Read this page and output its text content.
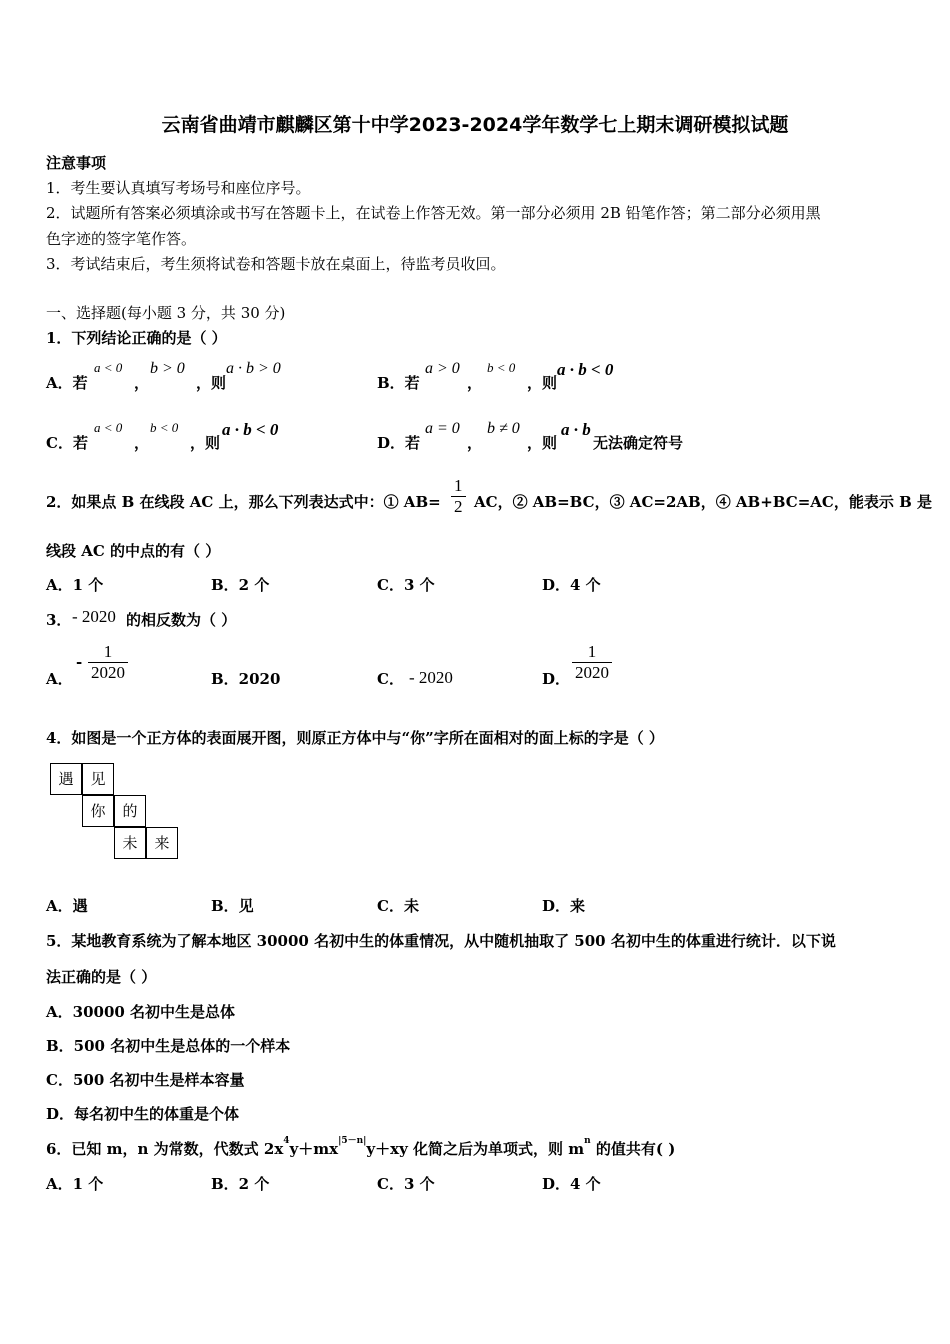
云南省曲靖市麒麟区第十中学2023-2024学年数学七上期末调研模拟试题
注意事项
1．考生要认真填写考场号和座位序号。
2．试题所有答案必须填涂或书写在答题卡上，在试卷上作答无效。第一部分必须用 2B 铅笔作答；第二部分必须用黑
色字迹的签字笔作答。
3．考试结束后，考生须将试卷和答题卡放在桌面上，待监考员收回。
一、选择题(每小题 3 分，共 30 分)
1．下列结论正确的是（ ）
A．若
a < 0
，
b > 0
，则
a · b > 0
B．若
a > 0
，
b < 0
，则
a · b < 0
C．若
a < 0
，
b < 0
，则
a · b < 0
D．若
a = 0
，
b ≠ 0
，则
a · b
无法确定符号
2．如果点 B 在线段 AC 上，那么下列表达式中：① $AB= \frac{1}{2}$ AC，② AB=BC，③ AC=2AB，④ AB+BC=AC，能表示 B 是
线段 AC 的中点的有（ ）
A．1 个	B．2 个	C．3 个	D．4 个
3． - 2020 的相反数为（ ）
A．
- $\frac{1}{2020}$	B．2020	C． - 2020	D． $\frac{1}{2020}$
4．如图是一个正方体的表面展开图，则原正方体中与“你”字所在面相对的面上标的字是（ ）
遇	见
你	的
未	来
A．遇	B．见	C．未	D．来
5．某地教育系统为了解本地区 30000 名初中生的体重情况，从中随机抽取了 500 名初中生的体重进行统计．以下说
法正确的是（ ）
A．30000 名初中生是总体
B．500 名初中生是总体的一个样本
C．500 名初中生是样本容量
D．每名初中生的体重是个体
6．已知 m，n 为常数，代数式 $2x^4y+mx^{|5-n|}y+xy$ 化简之后为单项式，则 $m^n$ 的值共有( )
A．1 个	B．2 个	C．3 个	D．4 个
